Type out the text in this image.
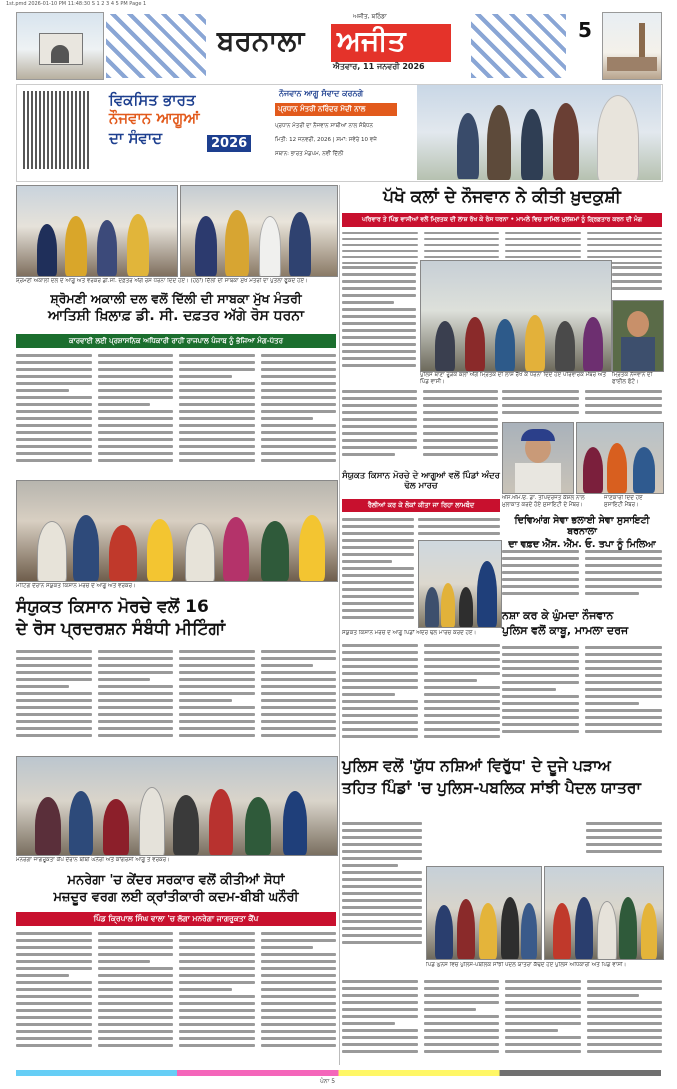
1st.pmd 2026-01-10 PM 11:48:30 S 1 2 3 4 5 PM Page 1
ਬਰਨਾਲਾ ਅਜੀਤ
ਅਜੀਤ, ਬਠਿੰਡਾ
ਐਤਵਾਰ, 11 ਜਨਵਰੀ 2026
5
ਵਿਕਸਿਤ ਭਾਰਤ
ਨੌਜਵਾਨ ਆਗੂਆਂ
ਦਾ ਸੰਵਾਦ	2026
ਨੌਜਵਾਨ ਆਗੂ ਸੰਵਾਦ ਕਰਨਗੇ
ਪ੍ਰਧਾਨ ਮੰਤਰੀ ਨਰਿੰਦਰ ਮੋਦੀ ਨਾਲ
ਪ੍ਰਧਾਨ ਮੰਤਰੀ ਦਾ ਨੌਜਵਾਨ ਸਾਥੀਆਂ ਨਾਲ ਸੰਬੋਧਨ
ਮਿਤੀ: 12 ਜਨਵਰੀ, 2026 | ਸਮਾਂ: ਸਵੇਰੇ 10 ਵਜੇ
ਸਥਾਨ: ਭਾਰਤ ਮੰਡਪਮ, ਨਵੀਂ ਦਿੱਲੀ
ਸ਼੍ਰੋਮਣੀ ਅਕਾਲੀ ਦਲ ਦੇ ਆਗੂ ਅਤੇ ਵਰਕਰ ਡੀ.ਸੀ. ਦਫ਼ਤਰ ਅੱਗੇ ਰੋਸ ਧਰਨਾ ਦਿੰਦੇ ਹੋਏ। (ਹੇਠਾਂ) ਦਿੱਲੀ ਦੀ ਸਾਬਕਾ ਮੁੱਖ ਮੰਤਰੀ ਦਾ ਪੁਤਲਾ ਫੂਕਦੇ ਹੋਏ।
ਸ਼੍ਰੋਮਣੀ ਅਕਾਲੀ ਦਲ ਵਲੋਂ ਦਿੱਲੀ ਦੀ ਸਾਬਕਾ ਮੁੱਖ ਮੰਤਰੀ
ਆਤਿਸ਼ੀ ਖ਼ਿਲਾਫ਼ ਡੀ. ਸੀ. ਦਫ਼ਤਰ ਅੱਗੇ ਰੋਸ ਧਰਨਾ
ਕਾਰਵਾਈ ਲਈ ਪ੍ਰਸ਼ਾਸਨਿਕ ਅਧਿਕਾਰੀ ਰਾਹੀਂ ਰਾਜਪਾਲ ਪੰਜਾਬ ਨੂੰ ਭੇਜਿਆ ਮੰਗ-ਪੱਤਰ
ਮੀਟਿੰਗ ਦੌਰਾਨ ਸੰਯੁਕਤ ਕਿਸਾਨ ਮੋਰਚੇ ਦੇ ਆਗੂ ਅਤੇ ਵਰਕਰ।
ਸੰਯੁਕਤ ਕਿਸਾਨ ਮੋਰਚੇ ਵਲੋਂ 16
ਦੇ ਰੋਸ ਪ੍ਰਦਰਸ਼ਨ ਸੰਬੰਧੀ ਮੀਟਿੰਗਾਂ
ਪੱਖੋ ਕਲਾਂ ਦੇ ਨੌਜਵਾਨ ਨੇ ਕੀਤੀ ਖ਼ੁਦਕੁਸ਼ੀ
ਪਰਿਵਾਰ ਤੇ ਪਿੰਡ ਵਾਸੀਆਂ ਵਲੋਂ ਮ੍ਰਿਤਕ ਦੀ ਲਾਸ਼ ਰੱਖ ਕੇ ਰੋਸ ਧਰਨਾ • ਮਾਮਲੇ ਵਿਚ ਸ਼ਾਮਿਲ ਮੁਲਜ਼ਮਾਂ ਨੂੰ ਗ੍ਰਿਫ਼ਤਾਰ ਕਰਨ ਦੀ ਮੰਗ
ਪੁਲਿਸ ਥਾਣਾ ਰੂੜੇਕੇ ਕਲਾਂ ਅੱਗੇ ਮ੍ਰਿਤਕ ਦੀ ਲਾਸ਼ ਰੱਖ ਕੇ ਧਰਨਾ ਦਿੰਦੇ ਹੋਏ ਪਰਿਵਾਰਕ ਮੈਂਬਰ ਅਤੇ ਪਿੰਡ ਵਾਸੀ।
ਮ੍ਰਿਤਕ ਨੌਜਵਾਨ ਦੀ ਫਾਈਲ ਫੋਟੋ।
ਐੱਸ.ਐੱਮ.ਓ. ਡਾ. ਤਪਿੰਦਰਜੋਤ ਕੌਸ਼ਲ ਨਾਲ ਮੁਲਾਕਾਤ ਕਰਦੇ ਹੋਏ ਸੁਸਾਇਟੀ ਦੇ ਮੈਂਬਰ।
ਜਾਣਕਾਰੀ ਦਿੰਦੇ ਹੋਏ ਸੁਸਾਇਟੀ ਮੈਂਬਰ।
ਦਿਵਿਆਂਗ ਸੇਵਾ ਭਲਾਈ ਸੇਵਾ ਸੁਸਾਇਟੀ ਬਰਨਾਲਾ
ਦਾ ਵਫ਼ਦ ਐੱਸ. ਐੱਮ. ਓ. ਤਪਾ ਨੂੰ ਮਿਲਿਆ
ਸੰਯੁਕਤ ਕਿਸਾਨ ਮੋਰਚੇ ਦੇ ਆਗੂਆਂ ਵਲੋਂ ਪਿੰਡਾਂ ਅੰਦਰ ਢੋਲ ਮਾਰਚ
ਰੈਲੀਆਂ ਕਰ ਕੇ ਲੋਕਾਂ ਕੀਤਾ ਜਾ ਰਿਹਾ ਲਾਮਬੰਦ
ਸੰਯੁਕਤ ਕਿਸਾਨ ਮੋਰਚੇ ਦੇ ਆਗੂ ਪਿੰਡਾਂ ਅੰਦਰ ਢੋਲ ਮਾਰਚ ਕਰਦੇ ਹੋਏ।
ਨਸ਼ਾ ਕਰ ਕੇ ਘੁੰਮਦਾ ਨੌਜਵਾਨ
ਪੁਲਿਸ ਵਲੋਂ ਕਾਬੂ, ਮਾਮਲਾ ਦਰਜ
ਮਨਰੇਗਾ ਜਾਗਰੂਕਤਾ ਕੈਂਪ ਦੌਰਾਨ ਬੀਬੀ ਘਨੌਰੀ ਅਤੇ ਕਾਂਗਰਸੀ ਆਗੂ ਤੇ ਵਰਕਰ।
ਮਨਰੇਗਾ 'ਚ ਕੇਂਦਰ ਸਰਕਾਰ ਵਲੋਂ ਕੀਤੀਆਂ ਸੋਧਾਂ
ਮਜ਼ਦੂਰ ਵਰਗ ਲਈ ਕ੍ਰਾਂਤੀਕਾਰੀ ਕਦਮ-ਬੀਬੀ ਘਨੌਰੀ
ਪਿੰਡ ਕ੍ਰਿਪਾਲ ਸਿੰਘ ਵਾਲਾ 'ਚ ਲੱਗਾ ਮਨਰੇਗਾ ਜਾਗਰੂਕਤਾ ਕੈਂਪ
ਪੁਲਿਸ ਵਲੋਂ 'ਯੁੱਧ ਨਸ਼ਿਆਂ ਵਿਰੁੱਧ' ਦੇ ਦੂਜੇ ਪੜਾਅ
ਤਹਿਤ ਪਿੰਡਾਂ 'ਚ ਪੁਲਿਸ-ਪਬਲਿਕ ਸਾਂਝੀ ਪੈਦਲ ਯਾਤਰਾ
ਪਿੰਡ ਘੁੰਨਸ ਵਿਚ ਪੁਲਿਸ-ਪਬਲਿਕ ਸਾਂਝੀ ਪੈਦਲ ਯਾਤਰਾ ਕੱਢਦੇ ਹੋਏ ਪੁਲਿਸ ਅਧਿਕਾਰੀ ਅਤੇ ਪਿੰਡ ਵਾਸੀ।
ਪੰਨਾ 5
